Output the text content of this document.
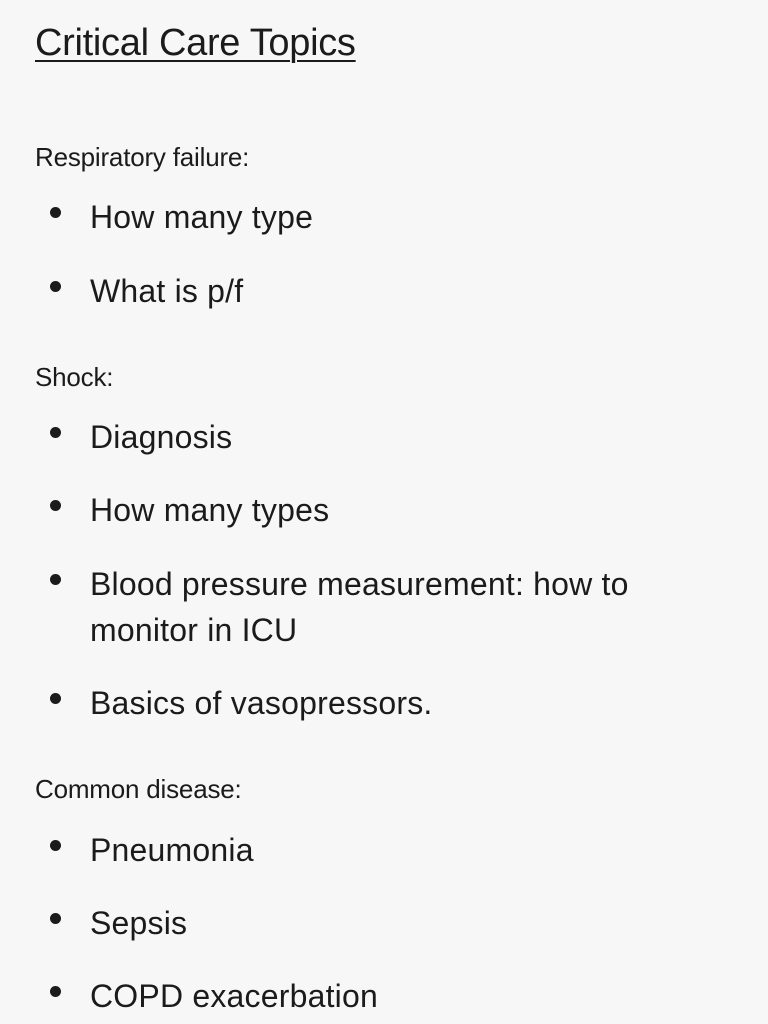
Critical Care Topics
Respiratory failure:
How many type
What is p/f
Shock:
Diagnosis
How many types
Blood pressure measurement: how to monitor in ICU
Basics of vasopressors.
Common disease:
Pneumonia
Sepsis
COPD exacerbation
